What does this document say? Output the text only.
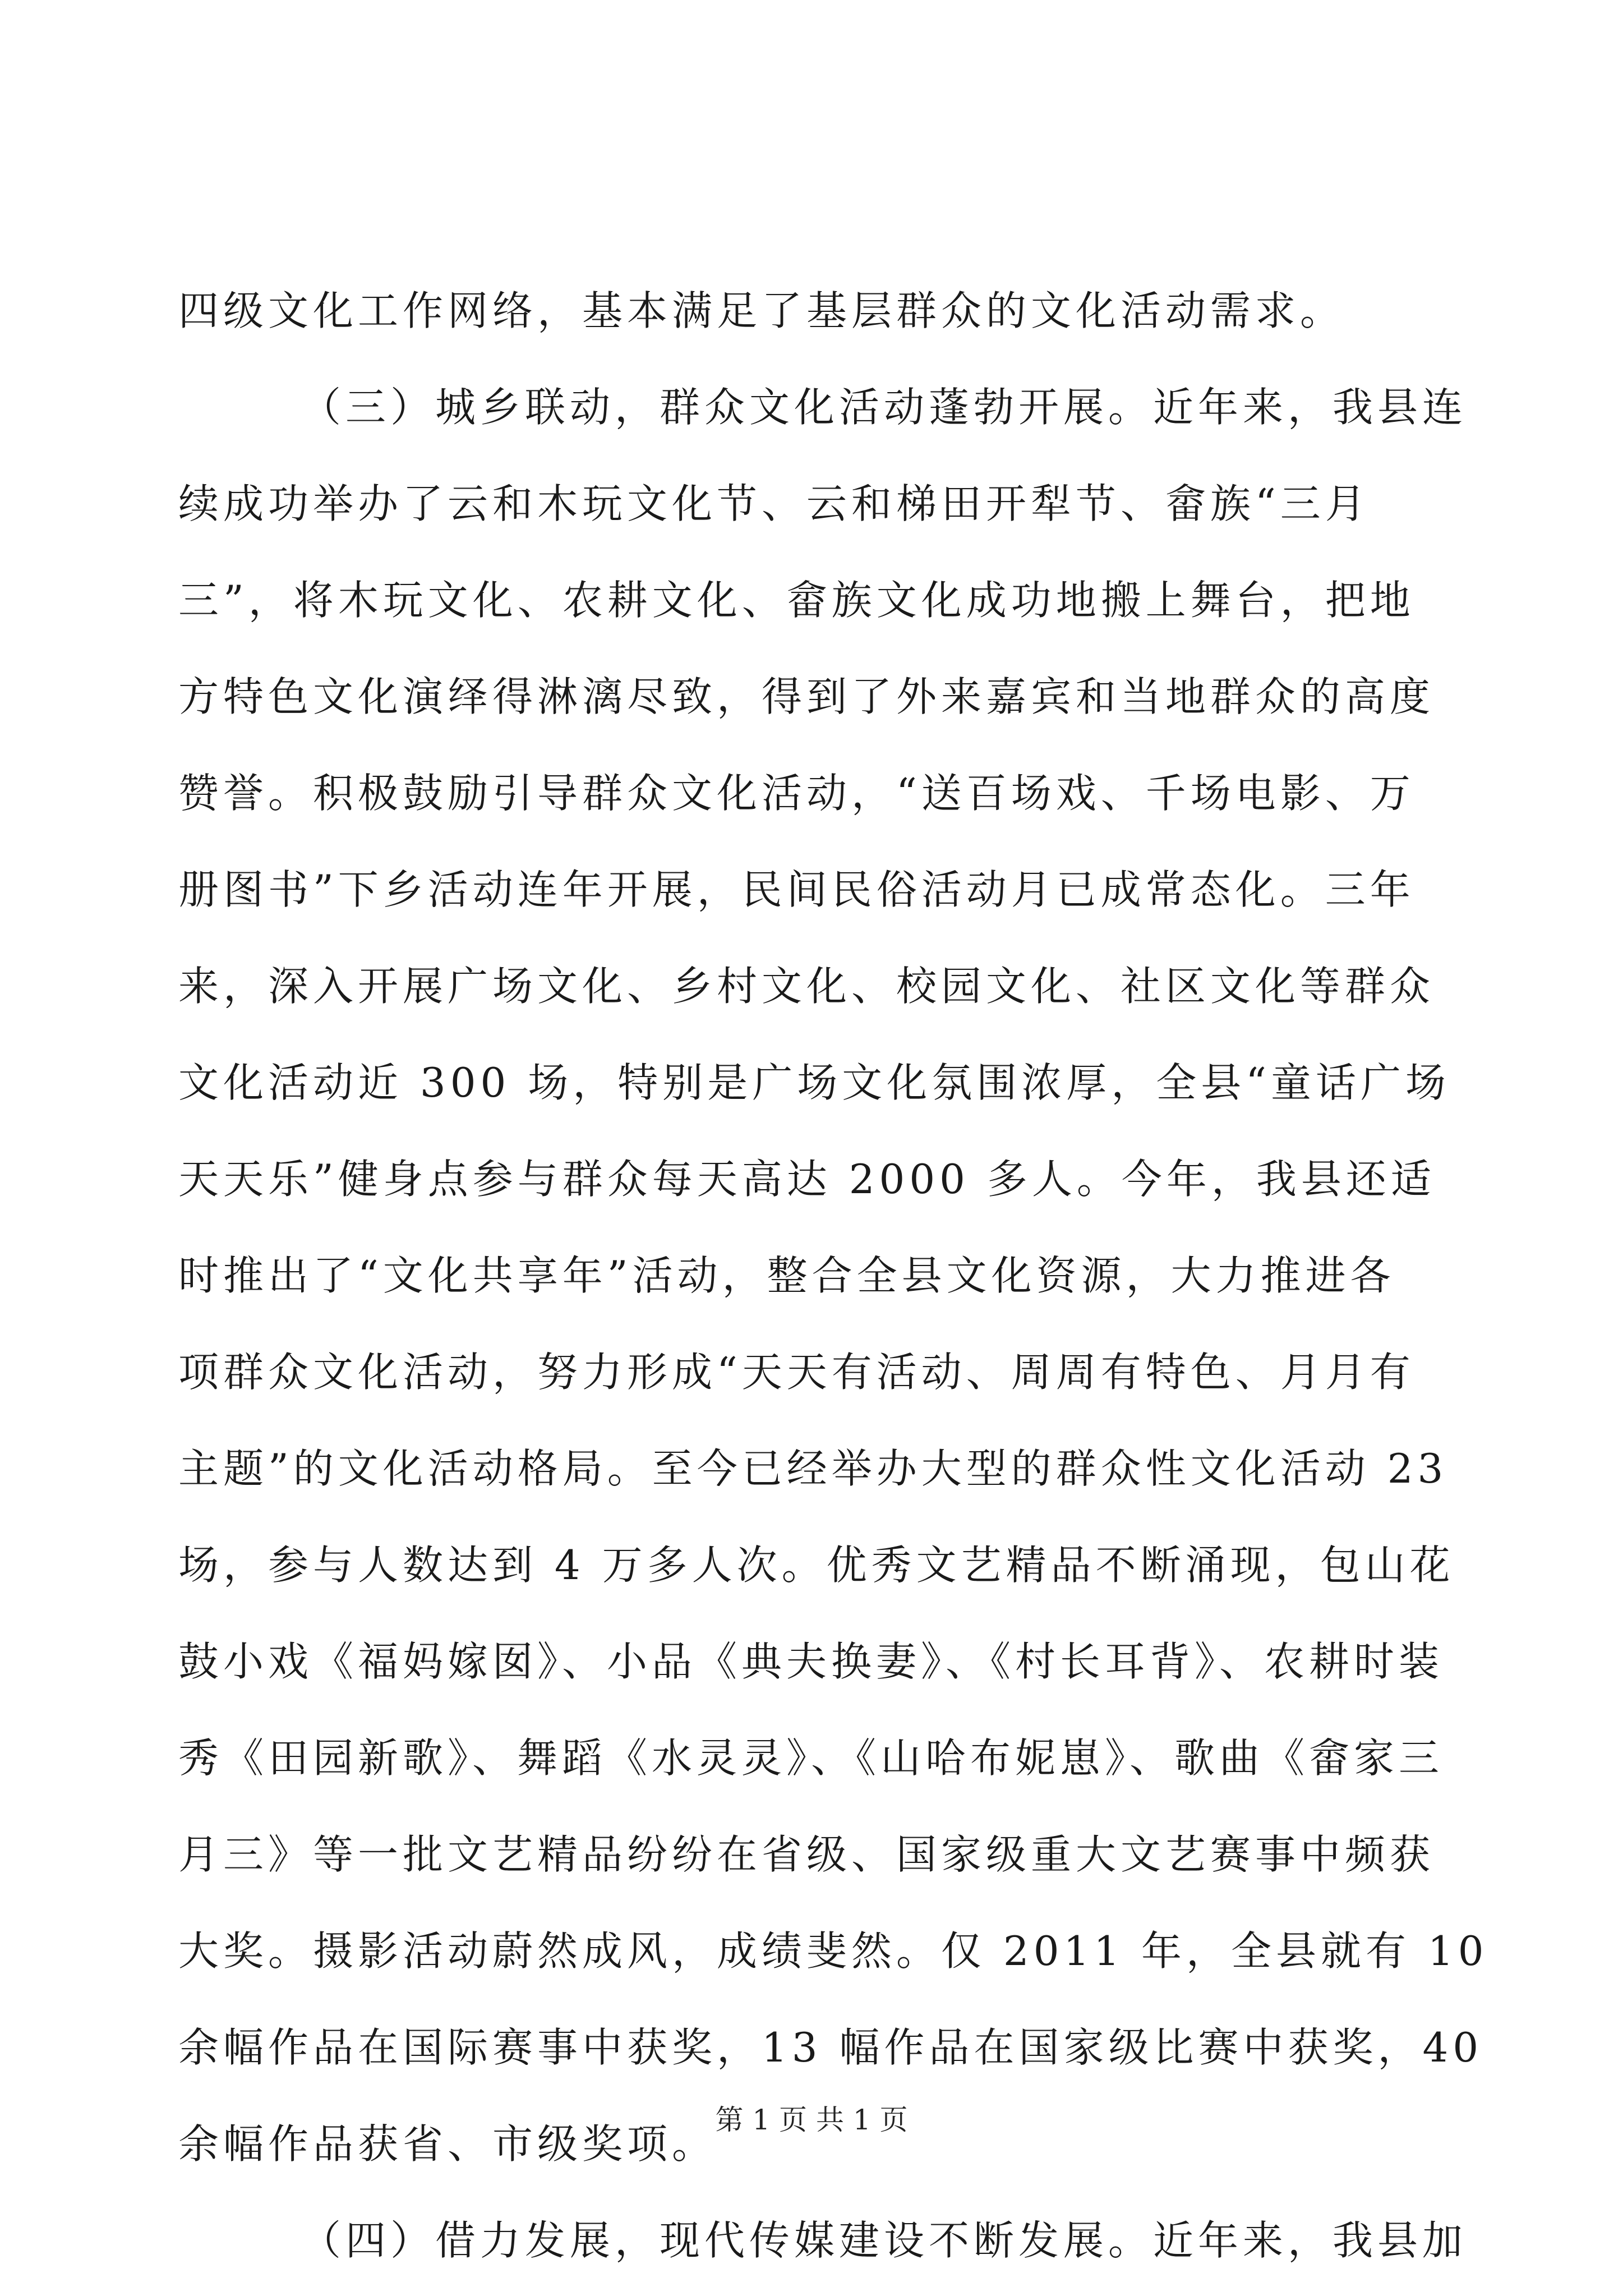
四级文化工作网络，基本满足了基层群众的文化活动需求。
（三）城乡联动，群众文化活动蓬勃开展。近年来，我县连
续成功举办了云和木玩文化节、云和梯田开犁节、畲族“三月
三”，将木玩文化、农耕文化、畲族文化成功地搬上舞台，把地
方特色文化演绎得淋漓尽致，得到了外来嘉宾和当地群众的高度
赞誉。积极鼓励引导群众文化活动，“送百场戏、千场电影、万
册图书”下乡活动连年开展，民间民俗活动月已成常态化。三年
来，深入开展广场文化、乡村文化、校园文化、社区文化等群众
文化活动近 300 场，特别是广场文化氛围浓厚，全县“童话广场
天天乐”健身点参与群众每天高达 2000 多人。今年，我县还适
时推出了“文化共享年”活动，整合全县文化资源，大力推进各
项群众文化活动，努力形成“天天有活动、周周有特色、月月有
主题”的文化活动格局。至今已经举办大型的群众性文化活动 23
场，参与人数达到 4 万多人次。优秀文艺精品不断涌现，包山花
鼓小戏《福妈嫁囡》、小品《典夫换妻》、《村长耳背》、农耕时装
秀《田园新歌》、舞蹈《水灵灵》、《山哈布妮崽》、歌曲《畲家三
月三》等一批文艺精品纷纷在省级、国家级重大文艺赛事中频获
大奖。摄影活动蔚然成风，成绩斐然。仅 2011 年，全县就有 10
余幅作品在国际赛事中获奖，13 幅作品在国家级比赛中获奖，40
余幅作品获省、市级奖项。
（四）借力发展，现代传媒建设不断发展。近年来，我县加
第 1 页 共 1 页
